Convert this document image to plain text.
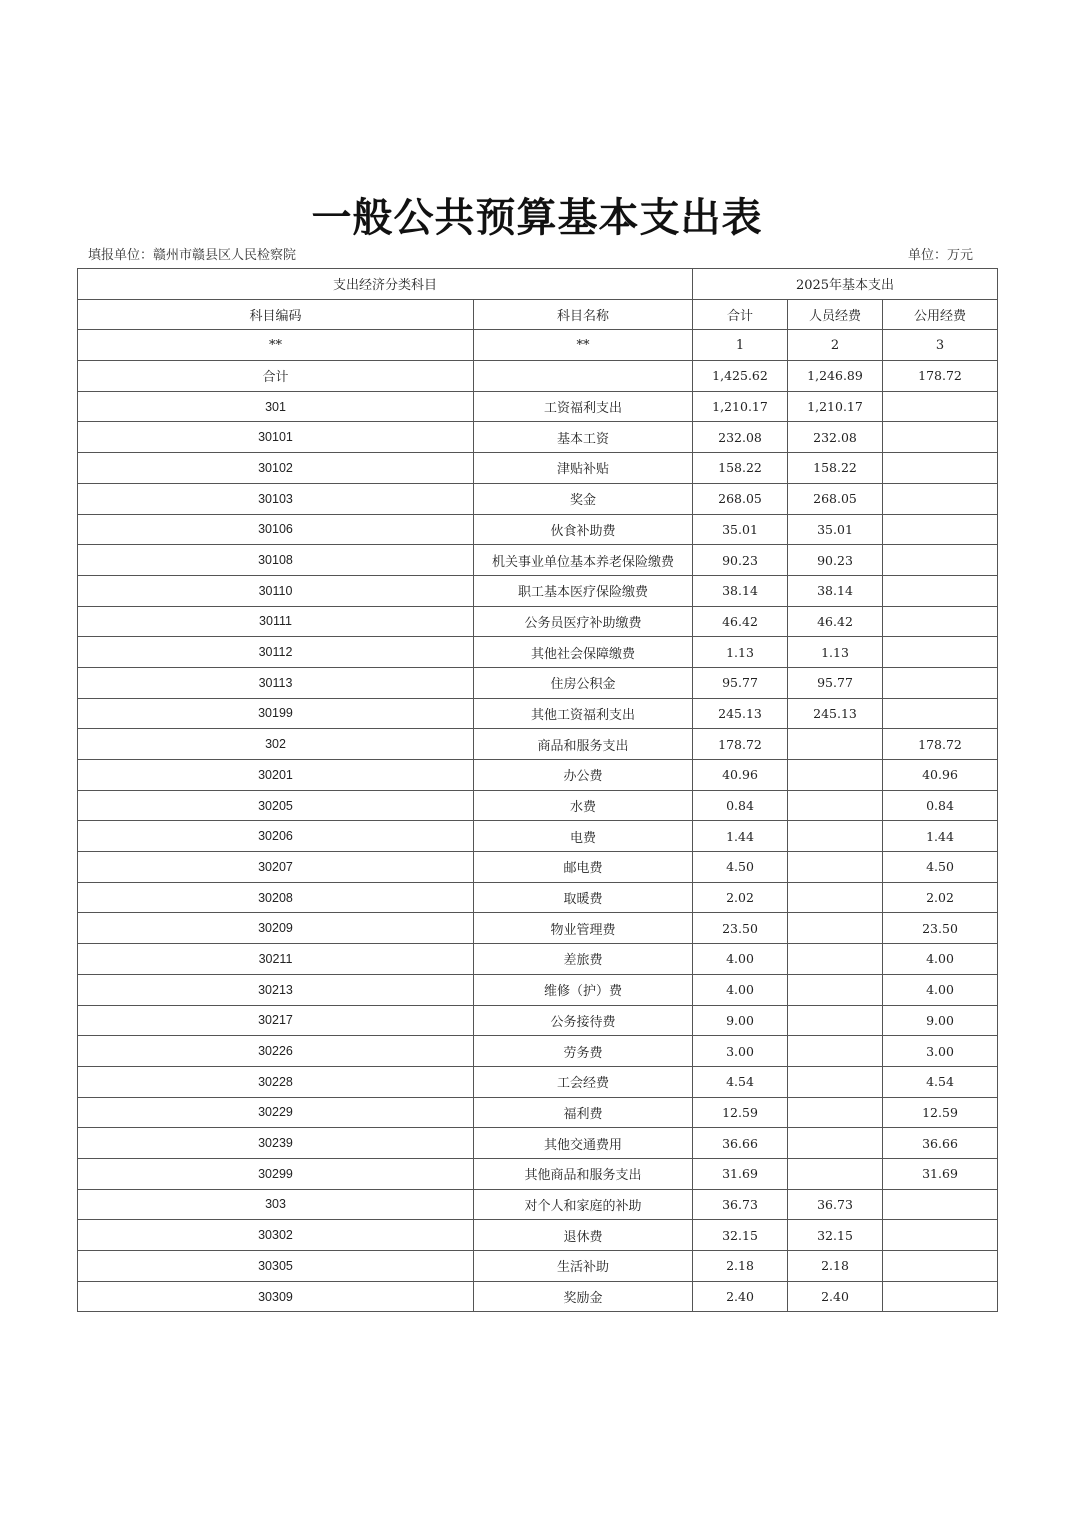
一般公共预算基本支出表
填报单位：赣州市赣县区人民检察院	单位：万元
支出经济分类科目		2025年基本支出		
科目编码	科目名称	合计	人员经费	公用经费
**	**	1	2	3
合计		1,425.62	1,246.89	178.72
301	工资福利支出	1,210.17	1,210.17	
30101	基本工资	232.08	232.08	
30102	津贴补贴	158.22	158.22	
30103	奖金	268.05	268.05	
30106	伙食补助费	35.01	35.01	
30108	机关事业单位基本养老保险缴费	90.23	90.23	
30110	职工基本医疗保险缴费	38.14	38.14	
30111	公务员医疗补助缴费	46.42	46.42	
30112	其他社会保障缴费	1.13	1.13	
30113	住房公积金	95.77	95.77	
30199	其他工资福利支出	245.13	245.13	
302	商品和服务支出	178.72		178.72
30201	办公费	40.96		40.96
30205	水费	0.84		0.84
30206	电费	1.44		1.44
30207	邮电费	4.50		4.50
30208	取暖费	2.02		2.02
30209	物业管理费	23.50		23.50
30211	差旅费	4.00		4.00
30213	维修（护）费	4.00		4.00
30217	公务接待费	9.00		9.00
30226	劳务费	3.00		3.00
30228	工会经费	4.54		4.54
30229	福利费	12.59		12.59
30239	其他交通费用	36.66		36.66
30299	其他商品和服务支出	31.69		31.69
303	对个人和家庭的补助	36.73	36.73	
30302	退休费	32.15	32.15	
30305	生活补助	2.18	2.18	
30309	奖励金	2.40	2.40	
